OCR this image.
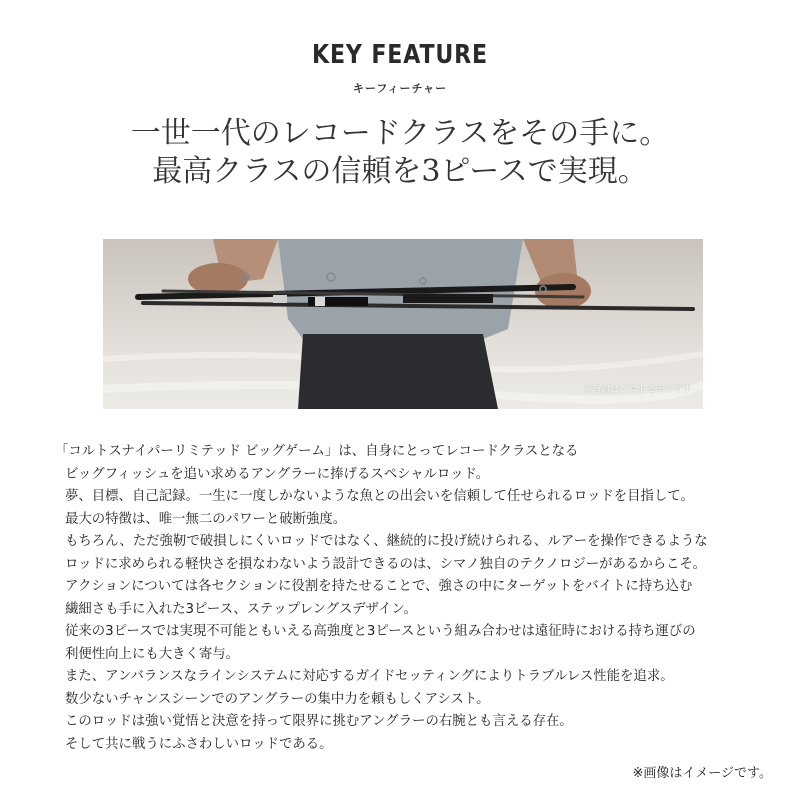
KEY FEATURE
キーフィーチャー
一世一代のレコードクラスをその手に。
最高クラスの信頼を3ピースで実現。
※写真はプロトモデルです
「コルトスナイパーリミテッド ビッグゲーム」は、自身にとってレコードクラスとなる
ビッグフィッシュを追い求めるアングラーに捧げるスペシャルロッド。
夢、目標、自己記録。一生に一度しかないような魚との出会いを信頼して任せられるロッドを目指して。
最大の特徴は、唯一無二のパワーと破断強度。
もちろん、ただ強靭で破損しにくいロッドではなく、継続的に投げ続けられる、ルアーを操作できるような
ロッドに求められる軽快さを損なわないよう設計できるのは、シマノ独自のテクノロジーがあるからこそ。
アクションについては各セクションに役割を持たせることで、強さの中にターゲットをバイトに持ち込む
繊細さも手に入れた3ピース、ステップレングスデザイン。
従来の3ピースでは実現不可能ともいえる高強度と3ピースという組み合わせは遠征時における持ち運びの
利便性向上にも大きく寄与。
また、アンバランスなラインシステムに対応するガイドセッティングによりトラブルレス性能を追求。
数少ないチャンスシーンでのアングラーの集中力を頼もしくアシスト。
このロッドは強い覚悟と決意を持って限界に挑むアングラーの右腕とも言える存在。
そして共に戦うにふさわしいロッドである。
※画像はイメージです。
